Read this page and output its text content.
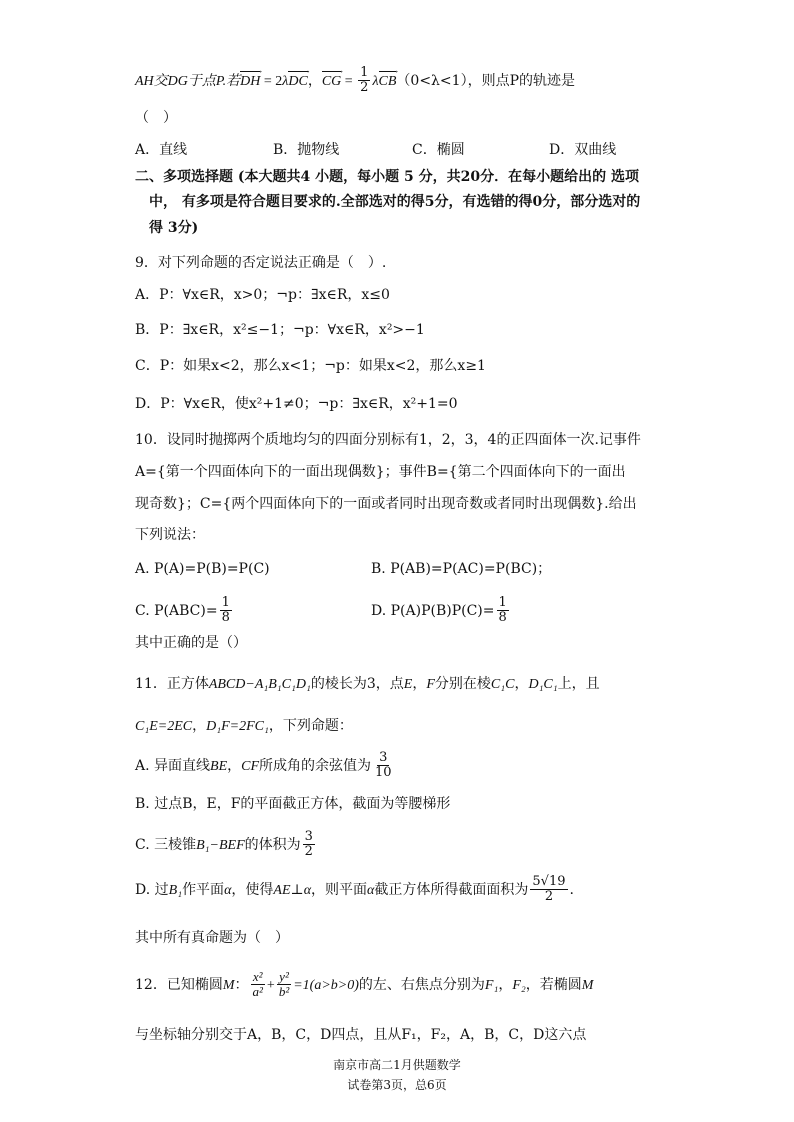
AH交DG于点P.若
→
DH = 2λ
→
DC，
→
CG = $\frac{1}{2}$ λ
→
CB（0<λ<1），则点P的轨迹是
（　）
A．直线	B．抛物线	C．椭圆	D．双曲线
二、多项选择题 (本大题共4 小题，每小题 5 分，共20分．在每小题给出的 选项
中， 有多项是符合题目要求的.全部选对的得5分，有选错的得0分，部分选对的
得 3分)
9．对下列命题的否定说法正确是（　）.
A．P：∀x∈R，x>0；¬p：∃x∈R，x≤0
B．P：∃x∈R，x²≤−1；¬p：∀x∈R，x²>−1
C．P：如果x<2，那么x<1；¬p：如果x<2，那么x≥1
D．P：∀x∈R，使x²+1≠0；¬p：∃x∈R，x²+1=0
10．设同时抛掷两个质地均匀的四面分别标有1，2，3，4的正四面体一次.记事件
A={第一个四面体向下的一面出现偶数}；事件B={第二个四面体向下的一面出
现奇数}；C={两个四面体向下的一面或者同时出现奇数或者同时出现偶数}.给出
下列说法：
A. P(A)=P(B)=P(C)	B. P(AB)=P(AC)=P(BC)；
C. $P(ABC)= \frac{1}{8}$	D. $P(A)P(B)P(C)= \frac{1}{8}$
其中正确的是（）
11．正方体ABCD−A₁B₁C₁D₁的棱长为3，点E，F分别在棱C₁C，D₁C₁上，且
C₁E=2EC，D₁F=2FC₁，下列命题：
A. 异面直线BE，CF所成角的余弦值为 $\frac{3}{10}$
B. 过点B，E，F的平面截正方体，截面为等腰梯形
C. 三棱锥B₁−BEF的体积为 $\frac{3}{2}$
D. 过B₁作平面α，使得AE⊥α，则平面α截正方体所得截面面积为 $\frac{5√19}{2}$ .
其中所有真命题为（　）
12．已知椭圆M： $\frac{\text{x²}}{\text{a²}} + \frac{\text{y²}}{\text{b²}} =1(a>b>0)$的左、右焦点分别为F₁，F₂，若椭圆M
与坐标轴分别交于A，B，C，D四点，且从F₁，F₂，A，B，C，D这六点
南京市高二1月供题数学
试卷第3页，总6页
